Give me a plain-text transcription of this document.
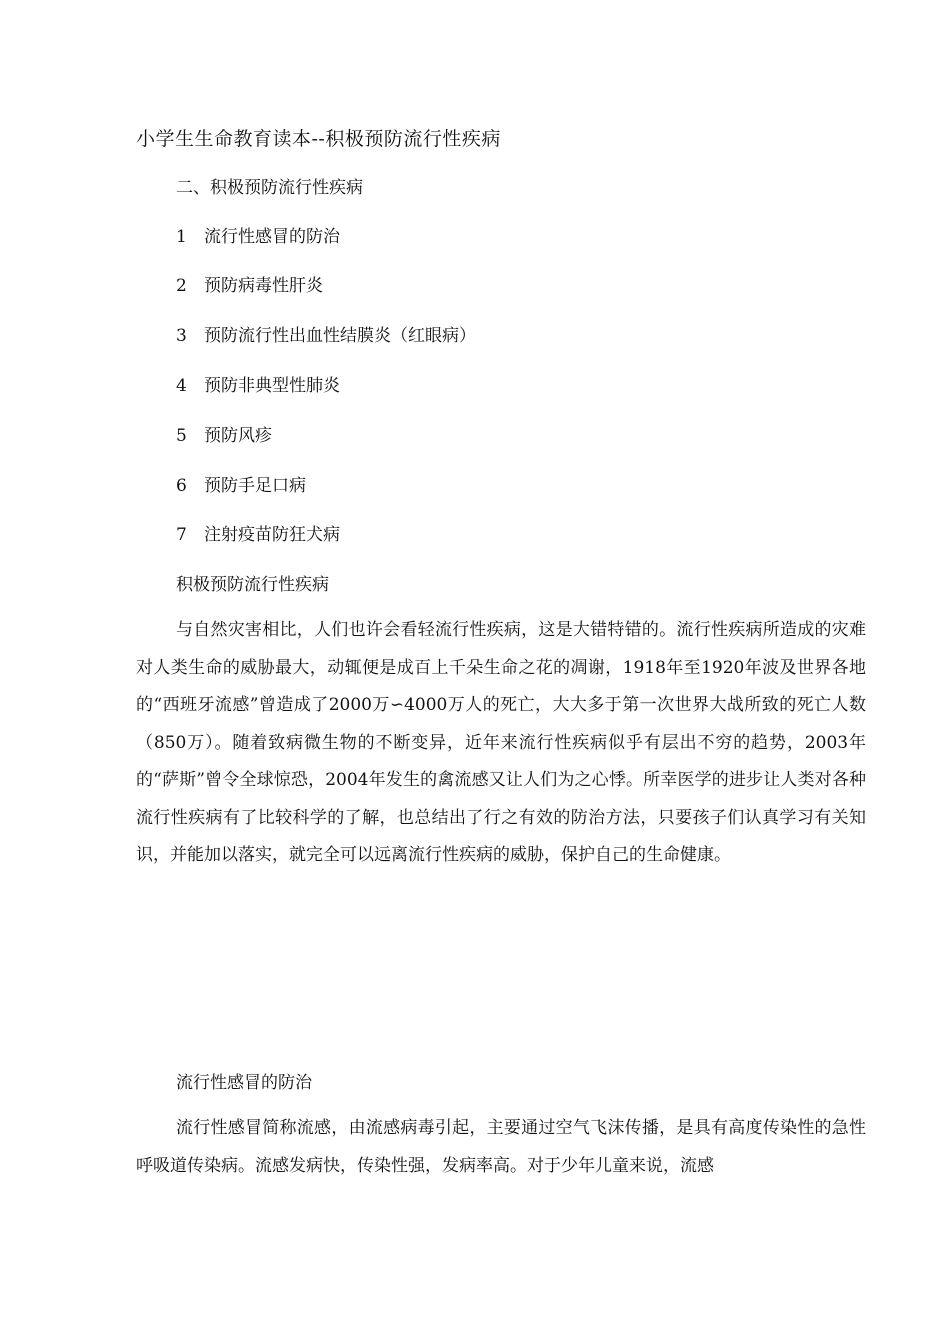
小学生生命教育读本--积极预防流行性疾病
二、积极预防流行性疾病
1 流行性感冒的防治
2 预防病毒性肝炎
3 预防流行性出血性结膜炎（红眼病）
4 预防非典型性肺炎
5 预防风疹
6 预防手足口病
7 注射疫苗防狂犬病
积极预防流行性疾病

与自然灾害相比，人们也许会看轻流行性疾病，这是大错特错的。流行性疾病所造成的灾难对人类生命的威胁最大，动辄便是成百上千朵生命之花的凋谢，1918年至1920年波及世界各地的“西班牙流感”曾造成了2000万∽4000万人的死亡，大大多于第一次世界大战所致的死亡人数（850万）。随着致病微生物的不断变异，近年来流行性疾病似乎有层出不穷的趋势，2003年的“萨斯”曾令全球惊恐，2004年发生的禽流感又让人们为之心悸。所幸医学的进步让人类对各种流行性疾病有了比较科学的了解，也总结出了行之有效的防治方法，只要孩子们认真学习有关知识，并能加以落实，就完全可以远离流行性疾病的威胁，保护自己的生命健康。

流行性感冒的防治

流行性感冒简称流感，由流感病毒引起，主要通过空气飞沫传播，是具有高度传染性的急性呼吸道传染病。流感发病快，传染性强，发病率高。对于少年儿童来说，流感
